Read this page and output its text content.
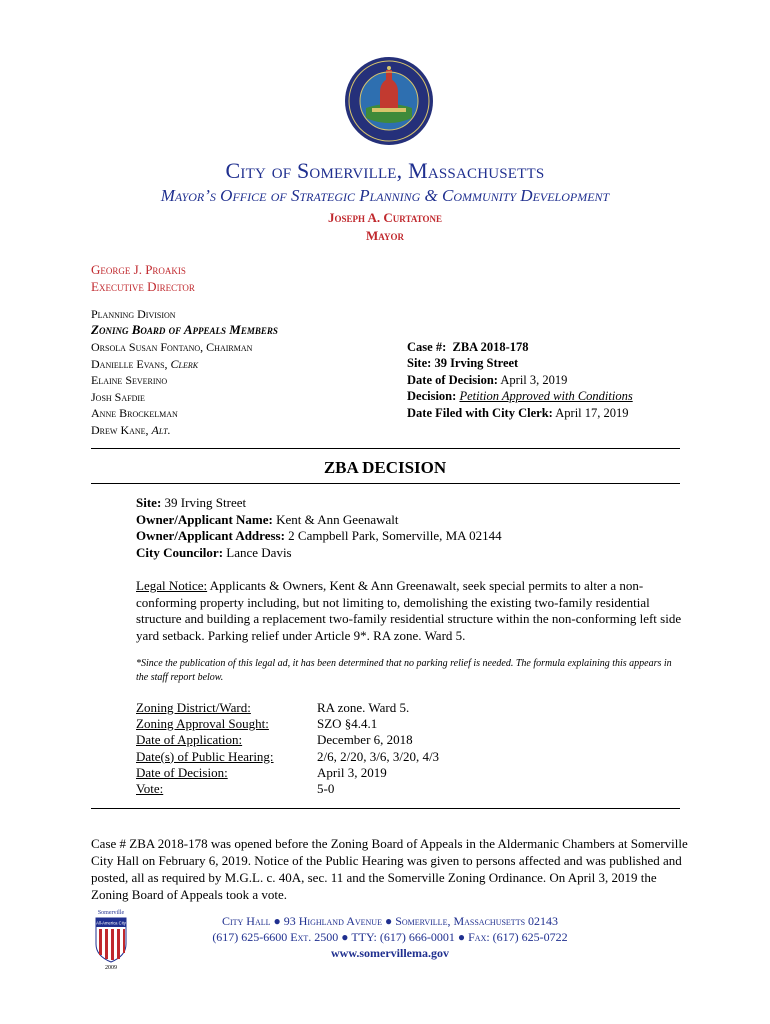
City of Somerville, Massachusetts
Mayor’s Office of Strategic Planning & Community Development
Joseph A. Curtatone
Mayor
George J. Proakis
Executive Director
Planning Division
Zoning Board of Appeals Members
Orsola Susan Fontano, Chairman
Danielle Evans, Clerk
Elaine Severino
Josh Safdie
Anne Brockelman
Drew Kane, Alt.
Case #: ZBA 2018-178
Site: 39 Irving Street
Date of Decision: April 3, 2019
Decision: Petition Approved with Conditions
Date Filed with City Clerk: April 17, 2019
ZBA DECISION
Site: 39 Irving Street
Owner/Applicant Name: Kent & Ann Geenawalt
Owner/Applicant Address: 2 Campbell Park, Somerville, MA 02144
City Councilor: Lance Davis
Legal Notice: Applicants & Owners, Kent & Ann Greenawalt, seek special permits to alter a non-conforming property including, but not limiting to, demolishing the existing two-family residential structure and building a replacement two-family residential structure within the non-conforming left side yard setback. Parking relief under Article 9*. RA zone. Ward 5.
*Since the publication of this legal ad, it has been determined that no parking relief is needed. The formula explaining this appears in the staff report below.
Zoning District/Ward:	RA zone. Ward 5.
Zoning Approval Sought:	SZO §4.4.1
Date of Application:	December 6, 2018
Date(s) of Public Hearing:	2/6, 2/20, 3/6, 3/20, 4/3
Date of Decision:	April 3, 2019
Vote:	5-0
Case # ZBA 2018-178 was opened before the Zoning Board of Appeals in the Aldermanic Chambers at Somerville City Hall on February 6, 2019. Notice of the Public Hearing was given to persons affected and was published and posted, all as required by M.G.L. c. 40A, sec. 11 and the Somerville Zoning Ordinance. On April 3, 2019 the Zoning Board of Appeals took a vote.
Somerville
All-America City
2009
City Hall ● 93 Highland Avenue ● Somerville, Massachusetts 02143
(617) 625-6600 Ext. 2500 ● TTY: (617) 666-0001 ● Fax: (617) 625-0722
www.somervillema.gov
